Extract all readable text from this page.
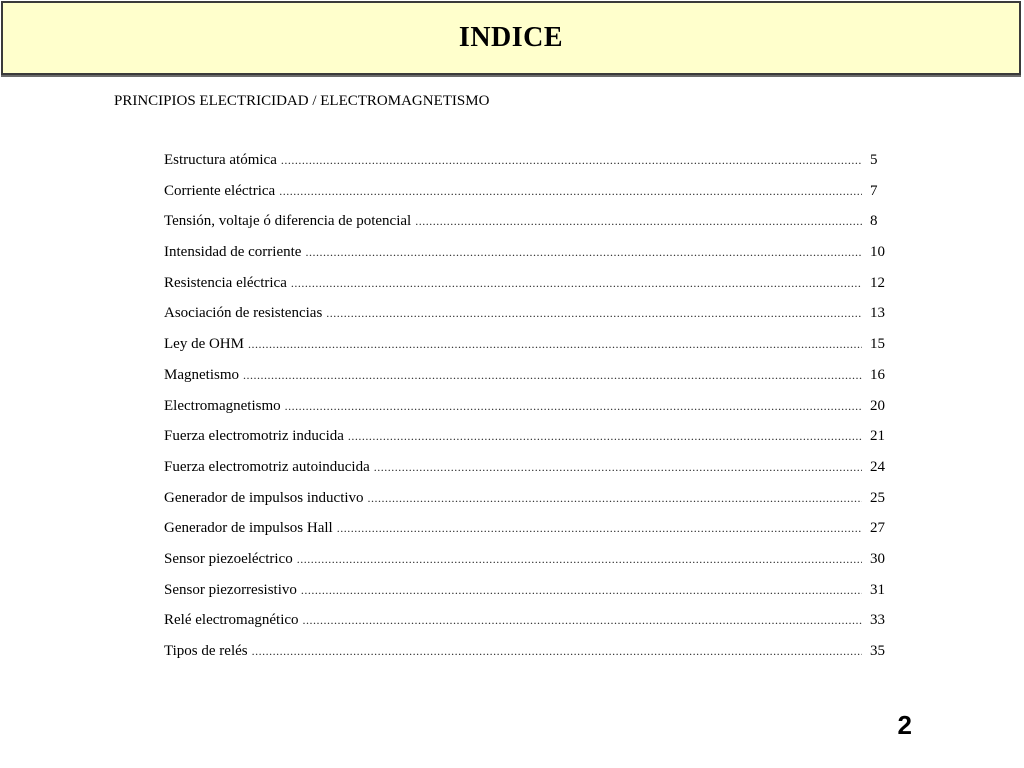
INDICE
PRINCIPIOS ELECTRICIDAD / ELECTROMAGNETISMO
Estructura atómica .....	5
Corriente eléctrica .....	7
Tensión, voltaje ó diferencia de potencial .....	8
Intensidad de corriente .....	10
Resistencia eléctrica .....	12
Asociación de resistencias .....	13
Ley de OHM .....	15
Magnetismo .....	16
Electromagnetismo .....	20
Fuerza electromotriz inducida .....	21
Fuerza electromotriz autoinducida .....	24
Generador de impulsos inductivo .....	25
Generador de impulsos Hall .....	27
Sensor piezoeléctrico .....	30
Sensor piezorresistivo .....	31
Relé electromagnético .....	33
Tipos de relés .....	35
2
